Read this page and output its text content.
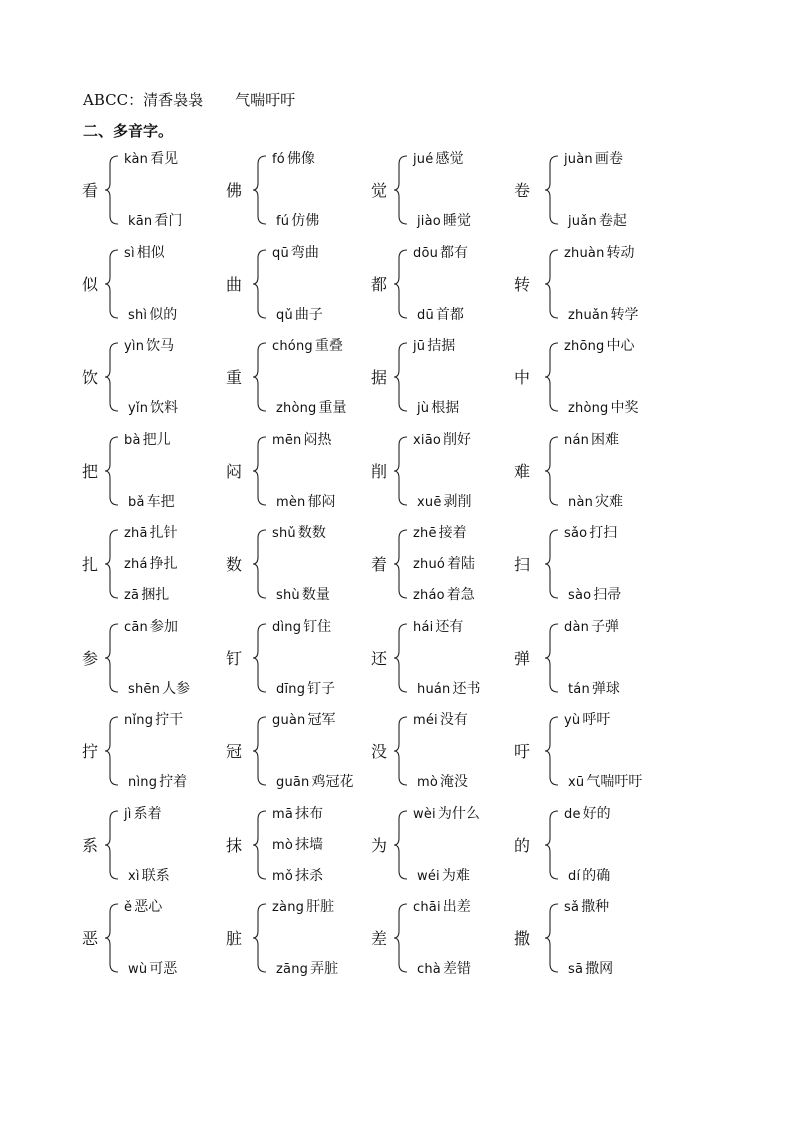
ABCC：清香袅袅 气喘吁吁
二、多音字。
看
kàn 看见
kān 看门
佛
fó 佛像
fú 仿佛
觉
jué 感觉
jiào 睡觉
卷
juàn 画卷
juǎn 卷起
似
sì 相似
shì 似的
曲
qū 弯曲
qǔ 曲子
都
dōu 都有
dū 首都
转
zhuàn 转动
zhuǎn 转学
饮
yìn 饮马
yǐn 饮料
重
chóng 重叠
zhòng 重量
据
jū 拮据
jù 根据
中
zhōng 中心
zhòng 中奖
把
bà 把儿
bǎ 车把
闷
mēn 闷热
mèn 郁闷
削
xiāo 削好
xuē 剥削
难
nán 困难
nàn 灾难
扎
zhā 扎针
zhá 挣扎
zā 捆扎
数
shǔ 数数
shù 数量
着
zhē 接着
zhuó 着陆
zháo 着急
扫
sǎo 打扫
sào 扫帚
参
cān 参加
shēn 人参
钉
dìng 钉住
dīng 钉子
还
hái 还有
huán 还书
弹
dàn 子弹
tán 弹球
拧
nǐng 拧干
nìng 拧着
冠
guàn 冠军
guān 鸡冠花
没
méi 没有
mò 淹没
吁
yù 呼吁
xū 气喘吁吁
系
jì 系着
xì 联系
抹
mā 抹布
mò 抹墙
mǒ 抹杀
为
wèi 为什么
wéi 为难
的
de 好的
dí 的确
恶
ě 恶心
wù 可恶
脏
zàng 肝脏
zāng 弄脏
差
chāi 出差
chà 差错
撒
sǎ 撒种
sā 撒网
